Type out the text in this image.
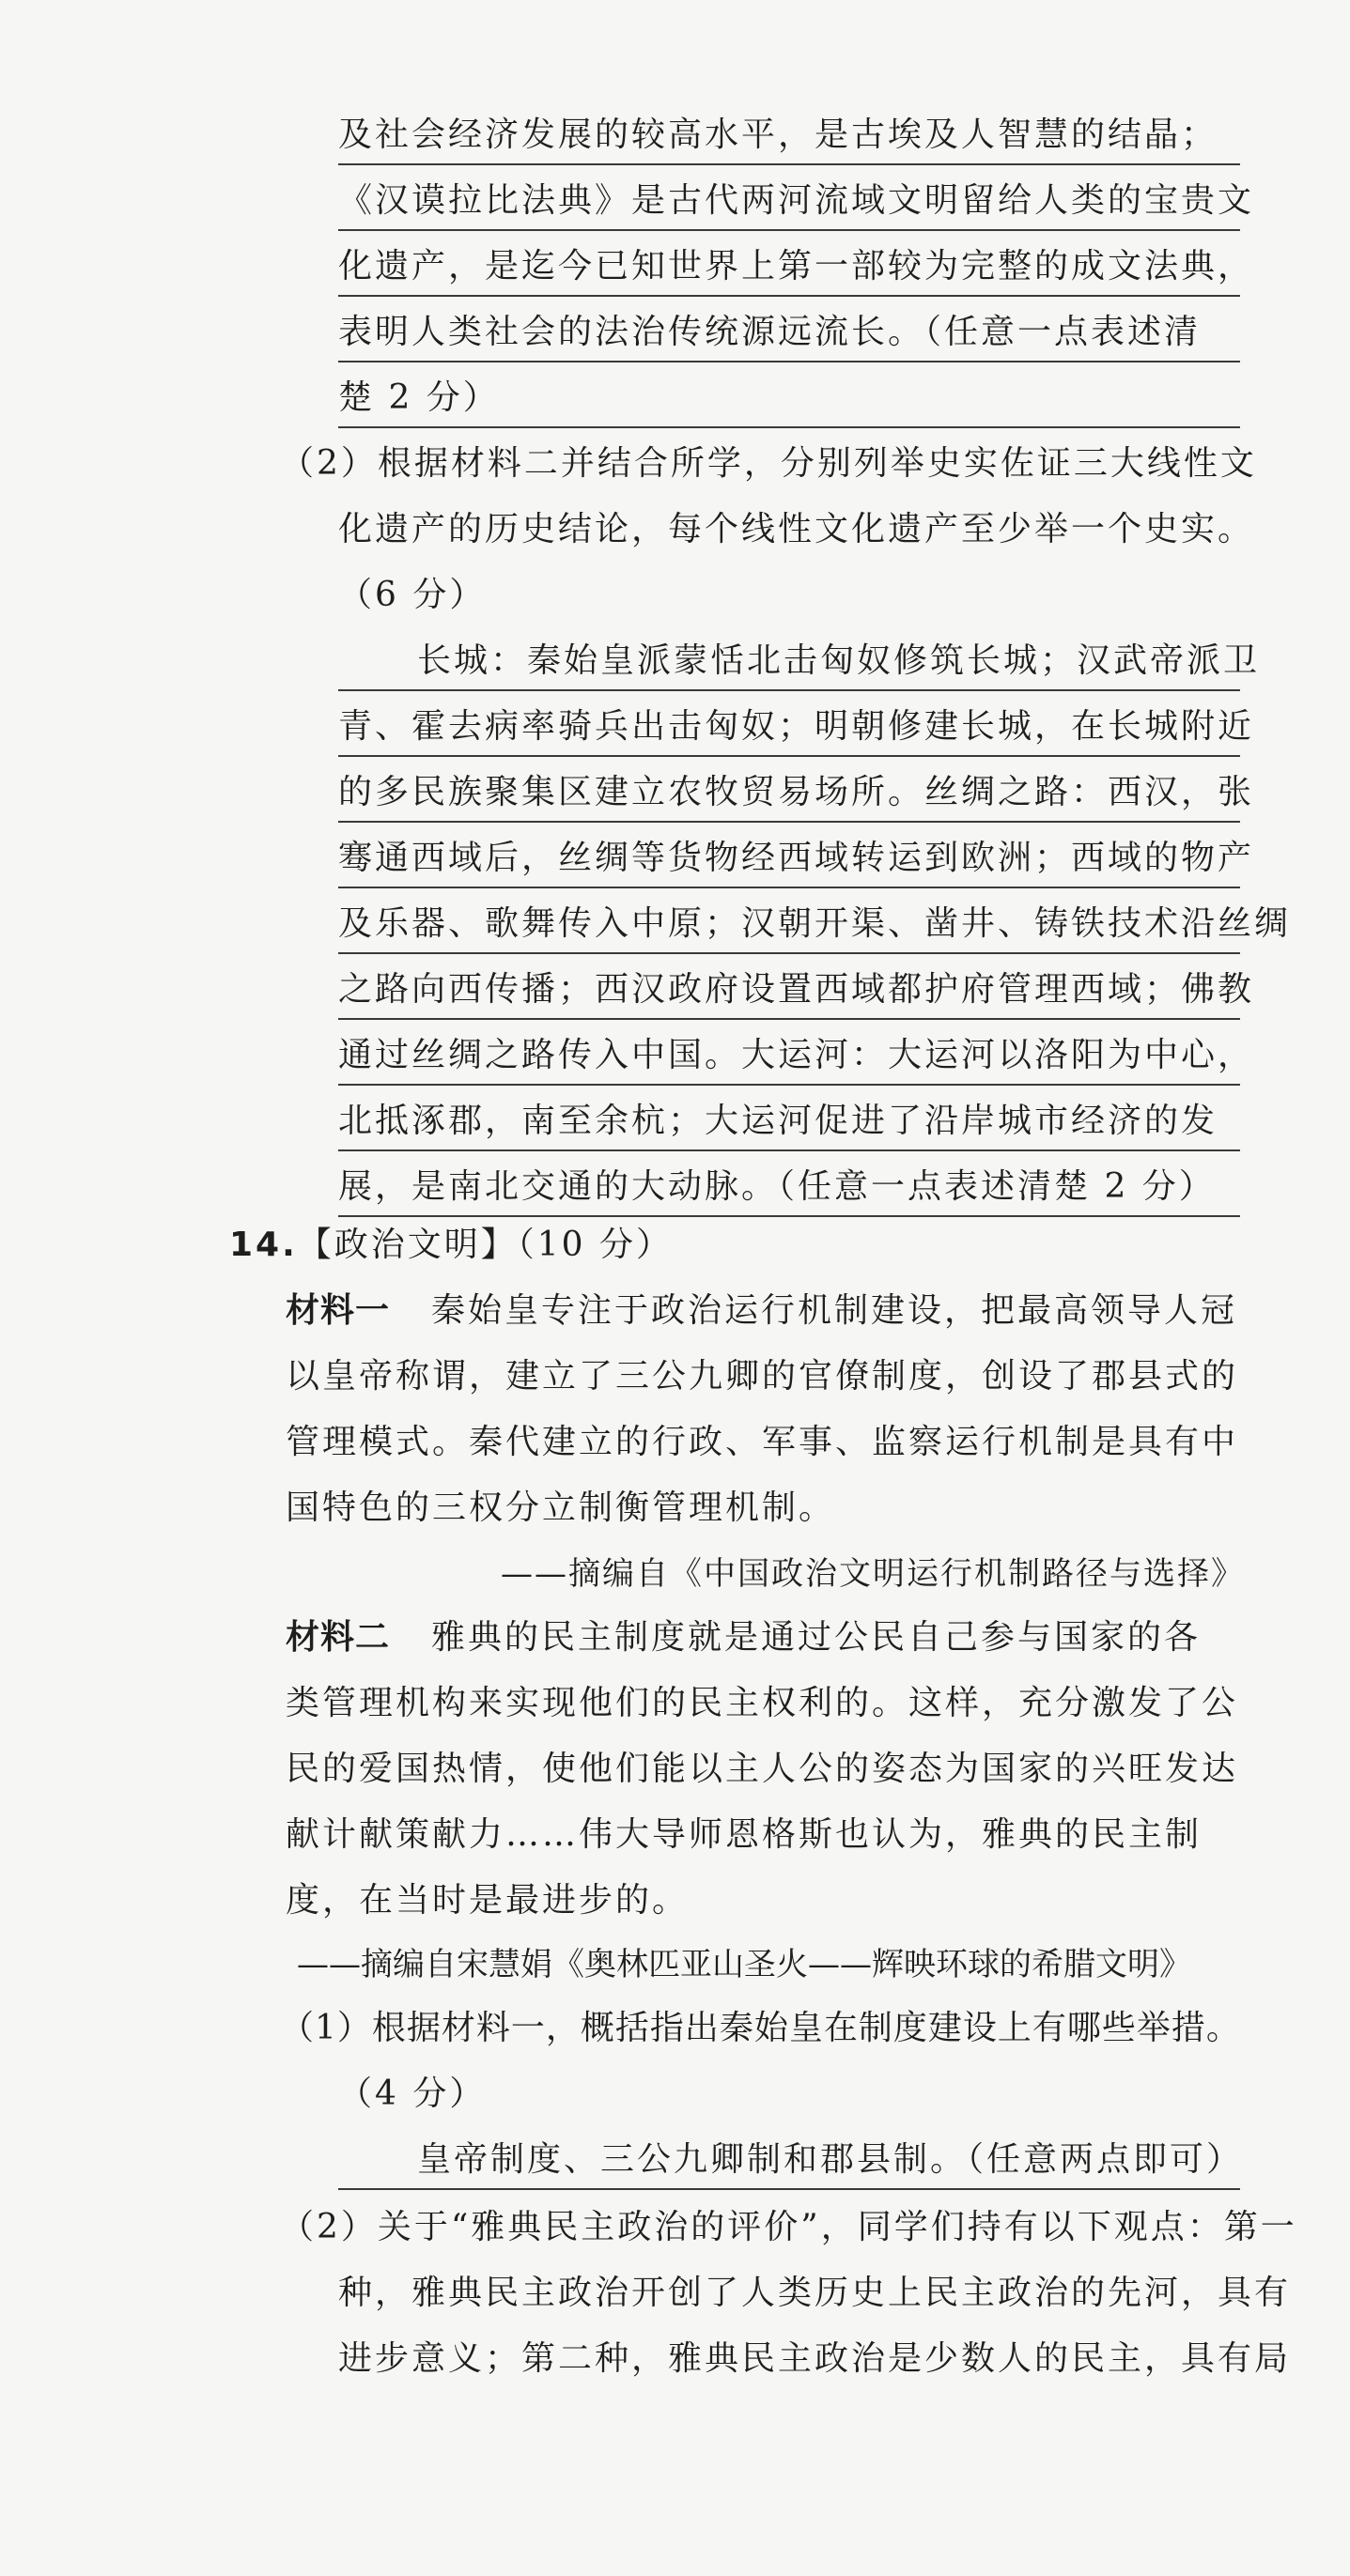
及社会经济发展的较高水平，是古埃及人智慧的结晶；
《汉谟拉比法典》是古代两河流域文明留给人类的宝贵文
化遗产，是迄今已知世界上第一部较为完整的成文法典，
表明人类社会的法治传统源远流长。（任意一点表述清
楚 2 分）
（2）根据材料二并结合所学，分别列举史实佐证三大线性文
化遗产的历史结论，每个线性文化遗产至少举一个史实。
（6 分）
长城：秦始皇派蒙恬北击匈奴修筑长城；汉武帝派卫
青、霍去病率骑兵出击匈奴；明朝修建长城，在长城附近
的多民族聚集区建立农牧贸易场所。丝绸之路：西汉，张
骞通西域后，丝绸等货物经西域转运到欧洲；西域的物产
及乐器、歌舞传入中原；汉朝开渠、凿井、铸铁技术沿丝绸
之路向西传播；西汉政府设置西域都护府管理西域；佛教
通过丝绸之路传入中国。大运河：大运河以洛阳为中心，
北抵涿郡，南至余杭；大运河促进了沿岸城市经济的发
展，是南北交通的大动脉。（任意一点表述清楚 2 分）
14.【政治文明】（10 分）
材料一 秦始皇专注于政治运行机制建设，把最高领导人冠
以皇帝称谓，建立了三公九卿的官僚制度，创设了郡县式的
管理模式。秦代建立的行政、军事、监察运行机制是具有中
国特色的三权分立制衡管理机制。
——摘编自《中国政治文明运行机制路径与选择》
材料二 雅典的民主制度就是通过公民自己参与国家的各
类管理机构来实现他们的民主权利的。这样，充分激发了公
民的爱国热情，使他们能以主人公的姿态为国家的兴旺发达
献计献策献力……伟大导师恩格斯也认为，雅典的民主制
度，在当时是最进步的。
——摘编自宋慧娟《奥林匹亚山圣火——辉映环球的希腊文明》
（1）根据材料一，概括指出秦始皇在制度建设上有哪些举措。
（4 分）
皇帝制度、三公九卿制和郡县制。（任意两点即可）
（2）关于“雅典民主政治的评价”，同学们持有以下观点：第一
种，雅典民主政治开创了人类历史上民主政治的先河，具有
进步意义；第二种，雅典民主政治是少数人的民主，具有局
